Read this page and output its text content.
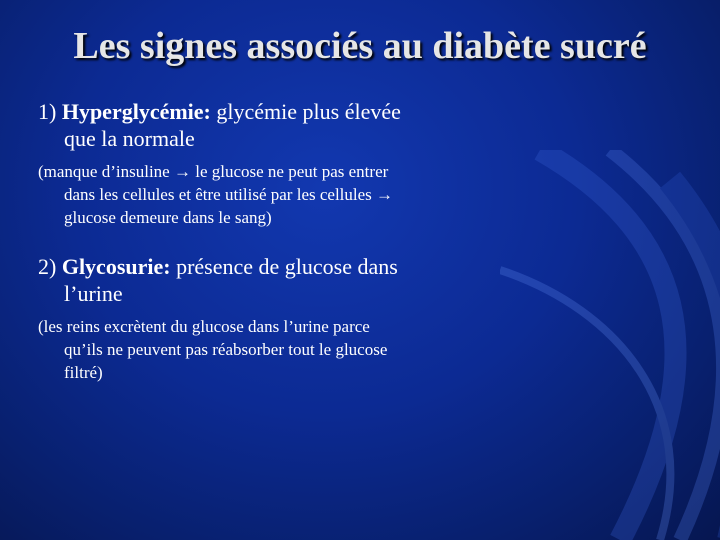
Les signes associés au diabète sucré
1) Hyperglycémie: glycémie plus élevée
que la normale
(manque d’insuline → le glucose ne peut pas entrer
dans les cellules et être utilisé par les cellules →
glucose demeure dans le sang)
2) Glycosurie: présence de glucose dans
l’urine
(les reins excrètent du glucose dans l’urine parce
qu’ils ne peuvent pas réabsorber tout le glucose
filtré)
